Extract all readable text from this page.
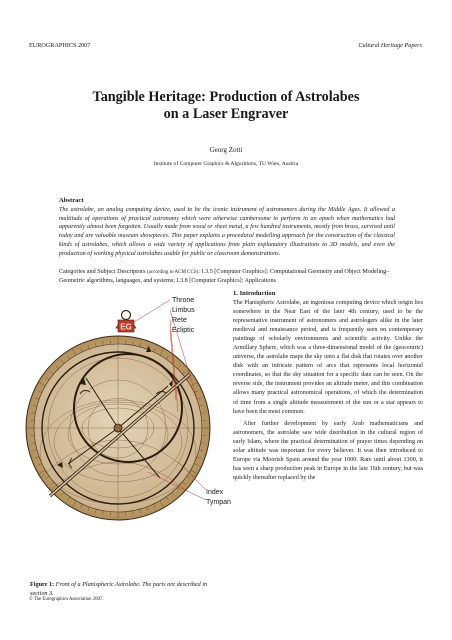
EUROGRAPHICS 2007	Cultural Heritage Papers
Tangible Heritage: Production of Astrolabes
on a Laser Engraver
Georg Zotti
Institute of Computer Graphics & Algorithms, TU Wien, Austria
Abstract
The astrolabe, an analog computing device, used to be the iconic instrument of astronomers during the Middle Ages. It allowed a multitude of operations of practical astronomy which were otherwise cumbersome to perform in an epoch when mathematics had apparently almost been forgotten. Usually made from wood or sheet metal, a few hundred instruments, mostly from brass, survived until today and are valuable museum showpieces. This paper explains a procedural modelling approach for the construction of the classical kinds of astrolabes, which allows a wide variety of applications from plain explanatory illustrations to 3D models, and even the production of working physical astrolabes usable for public or classroom demonstrations.
Categories and Subject Descriptors (according to ACM CCS): I.3.5 [Computer Graphics]: Computational Geometry and Object Modeling–Geometric algorithms, languages, and systems; I.3.8 [Computer Graphics]: Applications
EG
Throne
Limbus
Rete
Ecliptic
Index
Tympan
Figure 1: Front of a Planispheric Astrolabe. The parts are described in section 3.
1. Introduction

The Planispheric Astrolabe, an ingenious computing device which origin lies somewhere in the Near East of the later 4th century, used to be the representative instrument of astronomers and astrologers alike in the later medieval and renaissance period, and is frequently seen on contemporary paintings of scholarly environments and scientific activity. Unlike the Armillary Sphere, which was a three-dimensional model of the (geocentric) universe, the astrolabe maps the sky onto a flat disk that rotates over another disk with an intricate pattern of arcs that represents local horizontal coordinates, so that the sky situation for a specific date can be seen. On the reverse side, the instrument provides an altitude meter, and this combination allows many practical astronomical operations, of which the determination of time from a single altitude measurement of the sun or a star appears to have been the most common.

After further development by early Arab mathematicians and astronomers, the astrolabe saw wide distribution in the cultural region of early Islam, where the practical determination of prayer times depending on solar altitude was important for every believer. It was then introduced to Europe via Moorish Spain around the year 1000. Rare until about 1300, it has seen a sharp production peak in Europe in the late 16th century, but was quickly thereafter replaced by the

© The Eurographics Association 2007.
